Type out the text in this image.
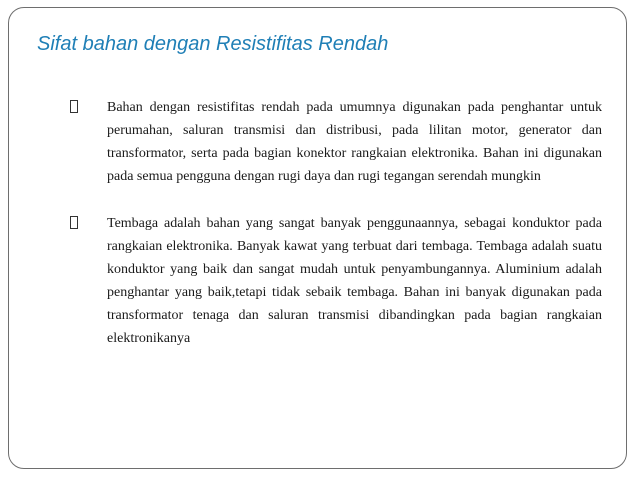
Sifat bahan dengan Resistifitas Rendah
Bahan dengan resistifitas rendah pada umumnya digunakan pada penghantar untuk perumahan, saluran transmisi dan distribusi, pada lilitan motor, generator dan transformator, serta pada bagian konektor rangkaian elektronika. Bahan ini digunakan pada semua pengguna dengan rugi daya dan rugi tegangan serendah mungkin
Tembaga adalah bahan yang sangat banyak penggunaannya, sebagai konduktor pada rangkaian elektronika. Banyak kawat yang terbuat dari tembaga. Tembaga adalah suatu konduktor yang baik dan sangat mudah untuk penyambungannya. Aluminium adalah penghantar yang baik,tetapi tidak sebaik tembaga. Bahan ini banyak digunakan pada transformator tenaga dan saluran transmisi dibandingkan pada bagian rangkaian elektronikanya
